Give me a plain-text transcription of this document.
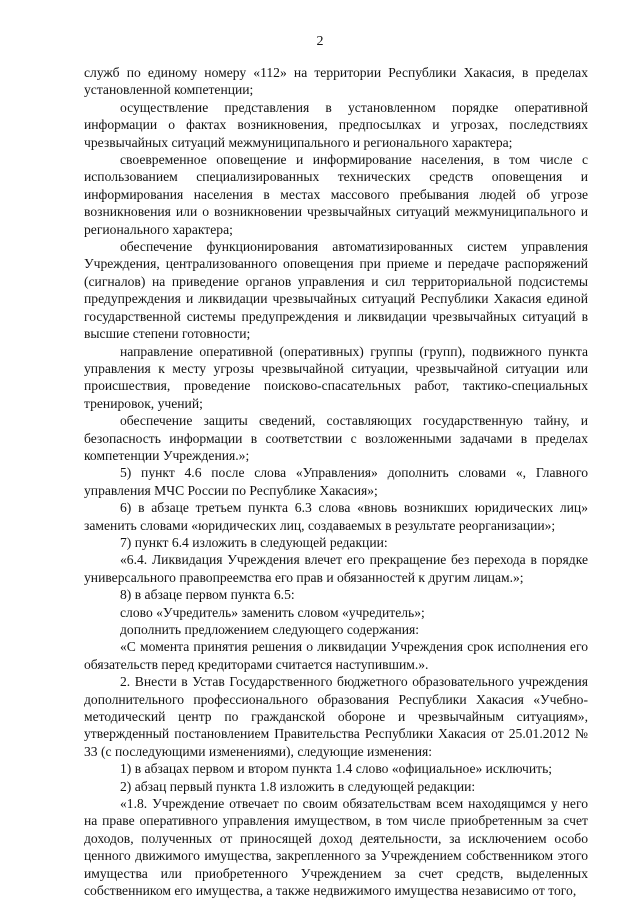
2

служб по единому номеру «112» на территории Республики Хакасия, в пределах установленной компетенции;

осуществление представления в установленном порядке оперативной информации о фактах возникновения, предпосылках и угрозах, последствиях чрезвычайных ситуаций межмуниципального и регионального характера;

своевременное оповещение и информирование населения, в том числе с использованием специализированных технических средств оповещения и информирования населения в местах массового пребывания людей об угрозе возникновения или о возникновении чрезвычайных ситуаций межмуниципального и регионального характера;

обеспечение функционирования автоматизированных систем управления Учреждения, централизованного оповещения при приеме и передаче распоряжений (сигналов) на приведение органов управления и сил территориальной подсистемы предупреждения и ликвидации чрезвычайных ситуаций Республики Хакасия единой государственной системы предупреждения и ликвидации чрезвычайных ситуаций в высшие степени готовности;

направление оперативной (оперативных) группы (групп), подвижного пункта управления к месту угрозы чрезвычайной ситуации, чрезвычайной ситуации или происшествия, проведение поисково-спасательных работ, тактико-специальных тренировок, учений;

обеспечение защиты сведений, составляющих государственную тайну, и безопасность информации в соответствии с возложенными задачами в пределах компетенции Учреждения.»;

5) пункт 4.6 после слова «Управления» дополнить словами «, Главного управления МЧС России по Республике Хакасия»;

6) в абзаце третьем пункта 6.3 слова «вновь возникших юридических лиц» заменить словами «юридических лиц, создаваемых в результате реорганизации»;

7) пункт 6.4 изложить в следующей редакции:

«6.4. Ликвидация Учреждения влечет его прекращение без перехода в порядке универсального правопреемства его прав и обязанностей к другим лицам.»;

8) в абзаце первом пункта 6.5:

слово «Учредитель» заменить словом «учредитель»;

дополнить предложением следующего содержания:

«С момента принятия решения о ликвидации Учреждения срок исполнения его обязательств перед кредиторами считается наступившим.».

2. Внести в Устав Государственного бюджетного образовательного учреждения дополнительного профессионального образования Республики Хакасия «Учебно-методический центр по гражданской обороне и чрезвычайным ситуациям», утвержденный постановлением Правительства Республики Хакасия от 25.01.2012 № 33 (с последующими изменениями), следующие изменения:

1) в абзацах первом и втором пункта 1.4 слово «официальное» исключить;

2) абзац первый пункта 1.8 изложить в следующей редакции:

«1.8. Учреждение отвечает по своим обязательствам всем находящимся у него на праве оперативного управления имуществом, в том числе приобретенным за счет доходов, полученных от приносящей доход деятельности, за исключением особо ценного движимого имущества, закрепленного за Учреждением собственником этого имущества или приобретенного Учреждением за счет средств, выделенных собственником его имущества, а также недвижимого имущества независимо от того,
